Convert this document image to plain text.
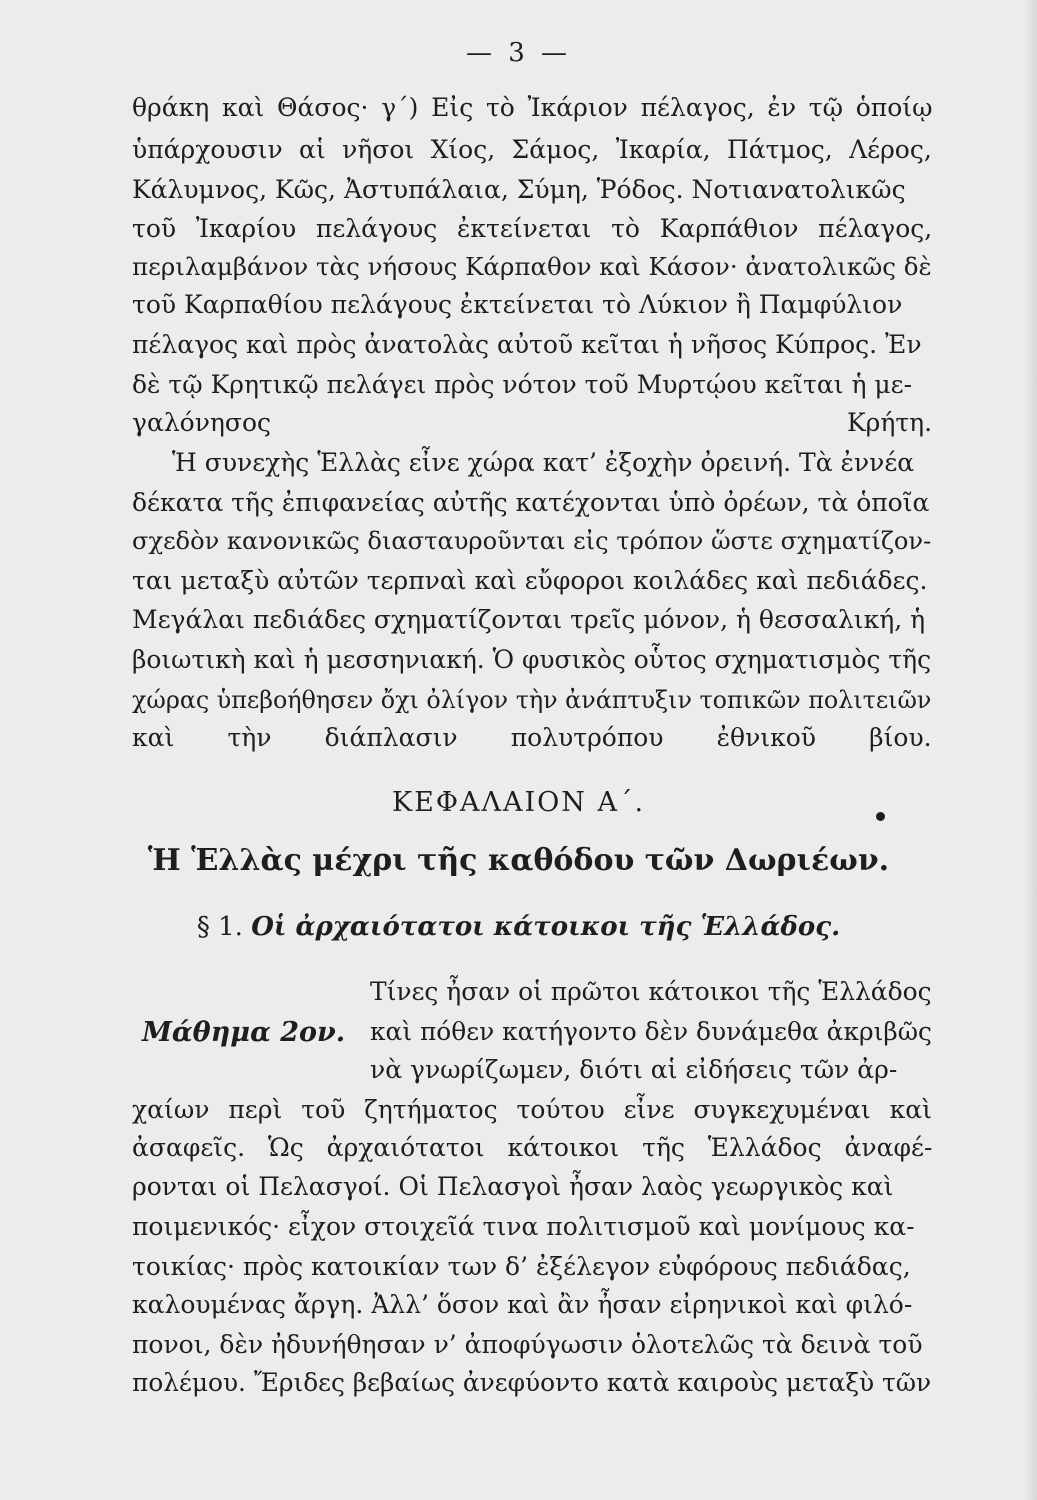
— 3 —
θράκη καὶ Θάσος· γ΄) Εἰς τὸ Ἰκάριον πέλαγος, ἐν τῷ ὁποίῳ
ὑπάρχουσιν αἱ νῆσοι Χίος, Σάμος, Ἰκαρία, Πάτμος, Λέρος,
Κάλυμνος, Κῶς, Ἀστυπάλαια, Σύμη, Ῥόδος. Νοτιανατολικῶς
τοῦ Ἰκαρίου πελάγους ἐκτείνεται τὸ Καρπάθιον πέλαγος,
περιλαμβάνον τὰς νήσους Κάρπαθον καὶ Κάσον· ἀνατολικῶς δὲ
τοῦ Καρπαθίου πελάγους ἐκτείνεται τὸ Λύκιον ἢ Παμφύλιον
πέλαγος καὶ πρὸς ἀνατολὰς αὐτοῦ κεῖται ἡ νῆσος Κύπρος. Ἐν
δὲ τῷ Κρητικῷ πελάγει πρὸς νότον τοῦ Μυρτῴου κεῖται ἡ με-
γαλόνησος Κρήτη.
Ἡ συνεχὴς Ἑλλὰς εἶνε χώρα κατ’ ἐξοχὴν ὀρεινή. Τὰ ἐννέα
δέκατα τῆς ἐπιφανείας αὐτῆς κατέχονται ὑπὸ ὀρέων, τὰ ὁποῖα
σχεδὸν κανονικῶς διασταυροῦνται εἰς τρόπον ὥστε σχηματίζον-
ται μεταξὺ αὐτῶν τερπναὶ καὶ εὔφοροι κοιλάδες καὶ πεδιάδες.
Μεγάλαι πεδιάδες σχηματίζονται τρεῖς μόνον, ἡ θεσσαλική, ἡ
βοιωτικὴ καὶ ἡ μεσσηνιακή. Ὁ φυσικὸς οὗτος σχηματισμὸς τῆς
χώρας ὑπεβοήθησεν ὄχι ὀλίγον τὴν ἀνάπτυξιν τοπικῶν πολιτειῶν
καὶ τὴν διάπλασιν πολυτρόπου ἐθνικοῦ βίου.
ΚΕΦΑΛΑΙΟΝ Α΄.
Ἡ Ἑλλὰς μέχρι τῆς καθόδου τῶν Δωριέων.
§ 1. Οἱ ἀρχαιότατοι κάτοικοι τῆς Ἑλλάδος.
Μάθημα 2ον.
Τίνες ἦσαν οἱ πρῶτοι κάτοικοι τῆς Ἑλλάδος
καὶ πόθεν κατήγοντο δὲν δυνάμεθα ἀκριβῶς
νὰ γνωρίζωμεν, διότι αἱ εἰδήσεις τῶν ἀρ-
χαίων περὶ τοῦ ζητήματος τούτου εἶνε συγκεχυμέναι καὶ
ἀσαφεῖς. Ὡς ἀρχαιότατοι κάτοικοι τῆς Ἑλλάδος ἀναφέ-
ρονται οἱ Πελασγοί. Οἱ Πελασγοὶ ἦσαν λαὸς γεωργικὸς καὶ
ποιμενικός· εἶχον στοιχεῖά τινα πολιτισμοῦ καὶ μονίμους κα-
τοικίας· πρὸς κατοικίαν των δ’ ἐξέλεγον εὐφόρους πεδιάδας,
καλουμένας ἄργη. Ἀλλ’ ὅσον καὶ ἂν ἦσαν εἰρηνικοὶ καὶ φιλό-
πονοι, δὲν ἠδυνήθησαν ν’ ἀποφύγωσιν ὁλοτελῶς τὰ δεινὰ τοῦ
πολέμου. Ἔριδες βεβαίως ἀνεφύοντο κατὰ καιροὺς μεταξὺ τῶν
